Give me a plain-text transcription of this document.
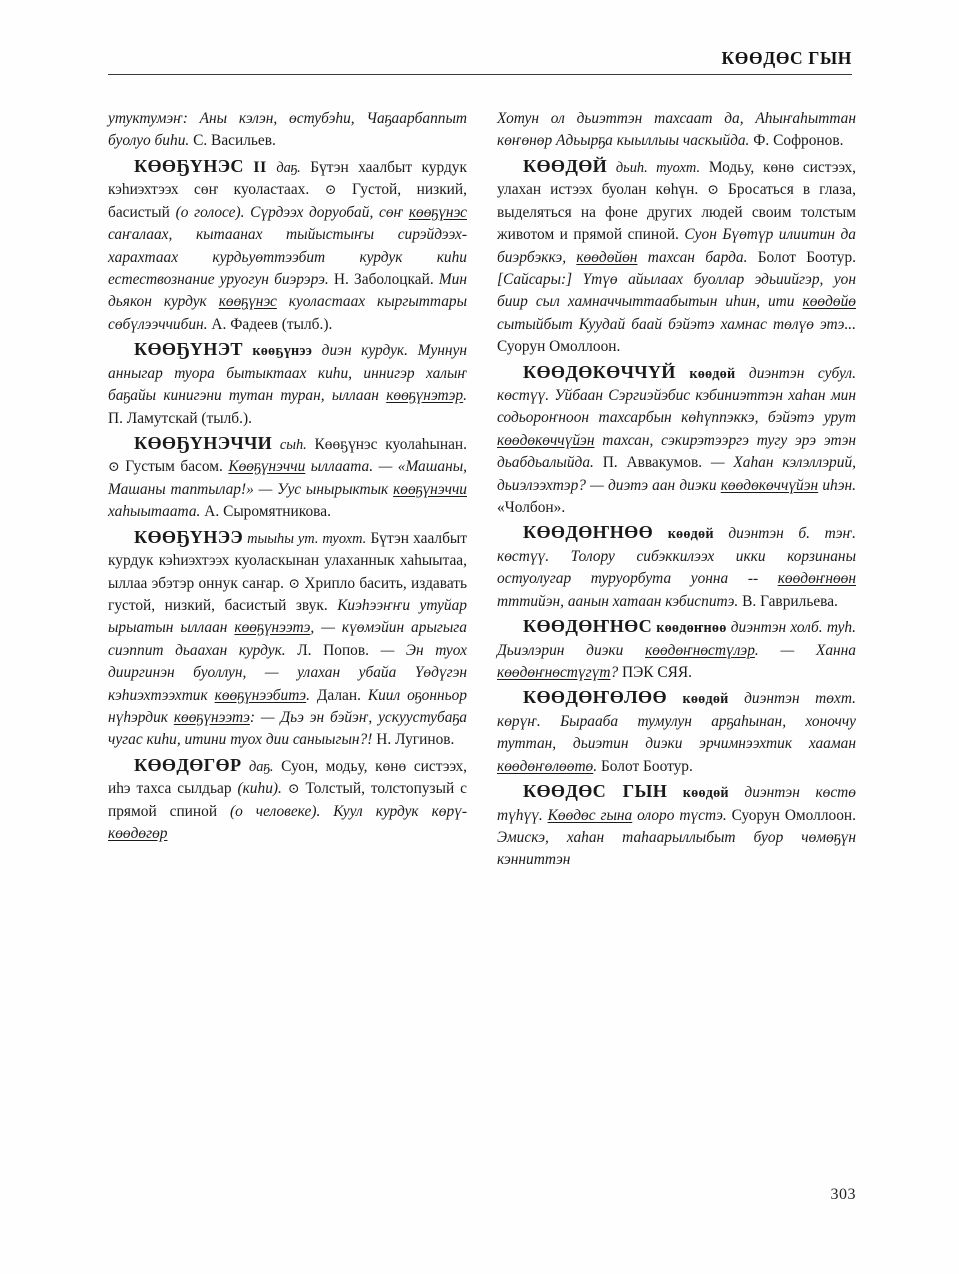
КӨӨДӨС ГЫН

утуктумэҥ: Аны кэлэн, өстубэhи, Чаҕаарбаппыт буолуо биhи. С. Васильев.

КӨӨҔҮНЭС II даҕ. Бүтэн хаалбыт курдук кэhиэхтээх сөҥ куоластаах. ⊙ Густой, низкий, басистый (о голосе). Сүрдээх доруобай, сөҥ көөҕүнэс саҥалаах, кытаанах тыйыстыҥы сирэйдээх-харахтаах курдьуөттээбит курдук киhи естествознание уруогун биэрэрэ. Н. Заболоцкай. Мин дьякон курдук көөҕүнэс куоластаах кыргыттары сөбүлээччибин. А. Фадеев (тылб.).

КӨӨҔҮНЭТ көөҕүнээ диэн курдук. Муннун анныгар туора бытыктаах киhи, иннигэр халыҥ баҕайы кинигэни тутан туран, ыллаан көөҕүнэтэр. П. Ламутскай (тылб.).

КӨӨҔҮНЭЧЧИ сыh. Көөҕүнэс куолаhынан. ⊙ Густым басом. Көөҕүнэччи ыллаата. — «Машаны, Машаны таптылар!» — Уус ынырыктык көөҕүнэччи хаhыытаата. А. Сыромятникова.

КӨӨҔҮНЭЭ тыыhы ут. туохт. Бүтэн хаалбыт курдук кэhиэхтээх куоласкынан улаханнык хаhыытаа, ыллаа эбэтэр оннук саҥар. ⊙ Хрипло басить, издавать густой, низкий, басистый звук. Киэhээҥҥи утуйар ырыатын ыллаан көөҕүнээтэ, — күөмэйин арыгыга сиэппит дьаахан курдук. Л. Попов. — Эн туох дииргинэн буоллун, — улахан убайа Үөдүгэн кэhиэхтээхтик көөҕүнээбитэ. Далан. Киил оҕонньор нүhэрдик көөҕүнээтэ: — Дьэ эн бэйэҥ, ускуустубаҕа чугас киhи, итини туох дии саныыгын?! Н. Лугинов.

КӨӨДӨГӨР даҕ. Суон, модьу, көнө систээх, иhэ тахса сылдьар (киhи). ⊙ Толстый, толстопузый с прямой спиной (о человеке). Куул курдук көрү-көөдөгөр

Хотун ол дьиэттэн тахсаат да, Аhыҥаhыттан көҥөнөр Адьырҕа кыыллыы часкыйда. Ф. Софронов.

КӨӨДӨЙ дьuh. туохт. Модьу, көнө систээх, улахан истээх буолан көhүн. ⊙ Бросаться в глаза, выделяться на фоне других людей своим толстым животом и прямой спиной. Суон Бүөтүр илиитин да биэрбэккэ, көөдөйөн тахсан барда. Болот Боотур. [Сайсары:] Үтүө айылаах буоллар эдьиийгэр, уон биир сыл хамначчыттаабытын иhин, ити көөдөйө сытыйбыт Куудай баай бэйэтэ хамнас төлүө этэ... Суорун Омоллоон.

КӨӨДӨКӨЧЧҮЙ көөдөй диэнтэн субул. көстүү. Уйбаан Сэргиэйэбис кэбиниэттэн хаhан мин содьороҥноон тахсарбын көhүппэккэ, бэйэтэ урут көөдөкөччүйэн тахсан, сэкирэтээргэ тугу эрэ этэн дьабдьалыйда. П. Аввакумов. — Хаhан кэлэллэрий, дьиэлээхтэр? — диэтэ аан диэки көөдөкөччүйэн иhэн. «Чолбон».

КӨӨДӨҤНӨӨ көөдөй диэнтэн б. тэҥ. көстүү. Толору сибэккилээх икки корзинаны остуолугар туруорбута уонна -- көөдөҥнөөн тттийэн, аанын хатаан кэбиспитэ. В. Гаврильева.

КӨӨДӨҤНӨС көөдөҥнөө диэнтэн холб. туh. Дьиэлэрин диэки көөдөҥнөстүлэр. — Ханна көөдөҥнөстүгүт? ПЭК СЯЯ.

КӨӨДӨҤӨЛӨӨ көөдөй диэнтэн төхт. көрүҥ. Быраабa тумулун арҕаhынан, хоноччу туттан, дьиэтин диэки эрчимнээхтик хааман көөдөҥөлөөтө. Болот Боотур.

КӨӨДӨС ГЫН көөдөй диэнтэн көстө түhүү. Көөдөс гына олоро түстэ. Суорун Омоллоон. Эмискэ, хаhан таhаарыллыбыт буор чөмөҕүн кэнниттэн

303
